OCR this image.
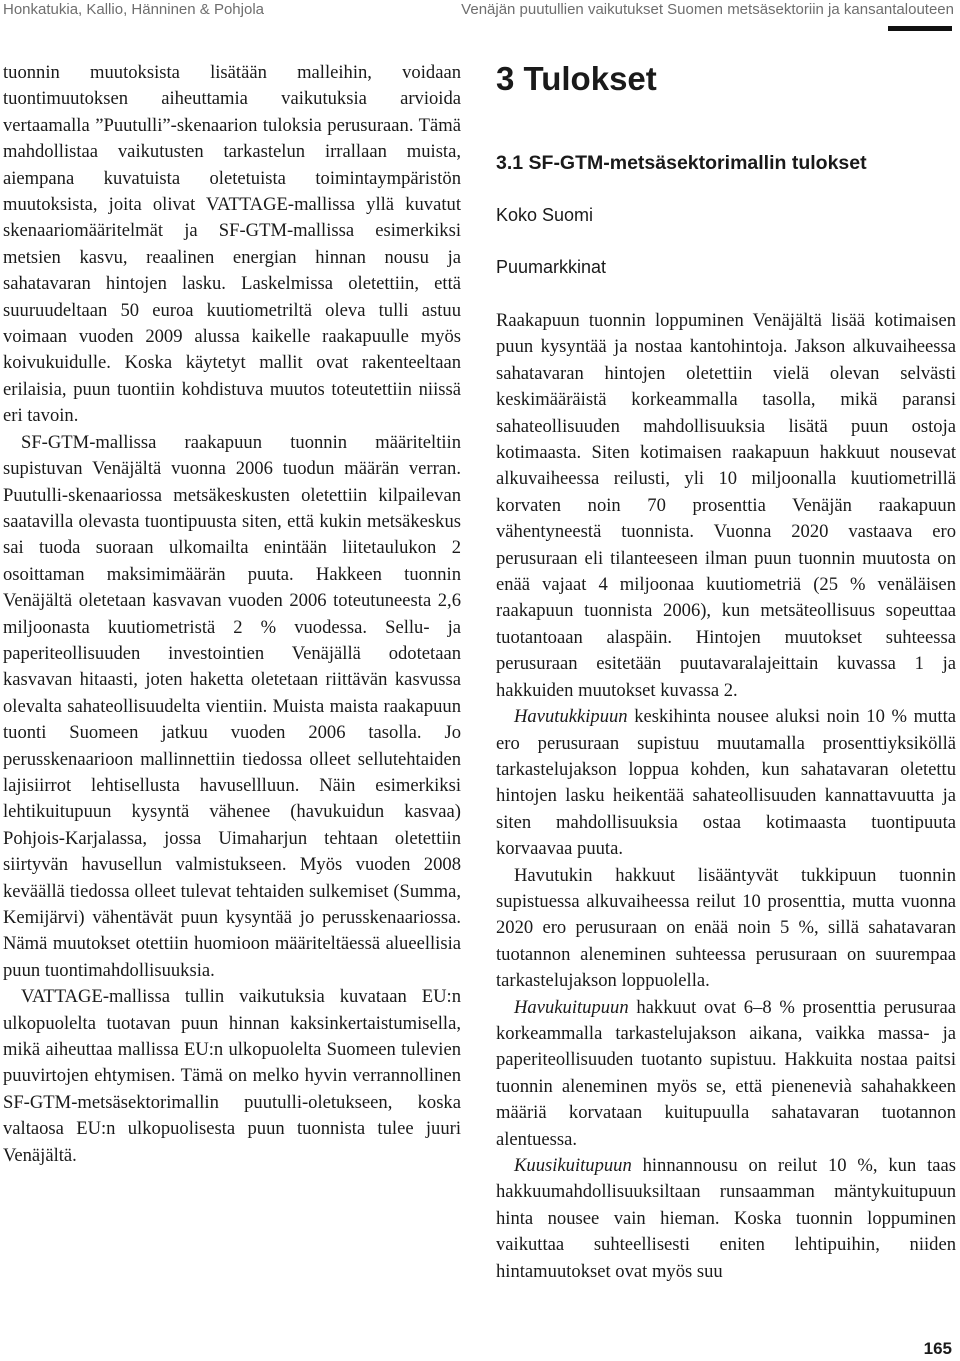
Honkatukia, Kallio, Hänninen & Pohjola	Venäjän puutullien vaikutukset Suomen metsäsektoriin ja kansantalouteen

tuonnin muutoksista lisätään malleihin, voidaan tuontimuutoksen aiheuttamia vaikutuksia arvioida vertaamalla ”Puutulli”-skenaarion tuloksia perusuraan. Tämä mahdollistaa vaikutusten tarkastelun irrallaan muista, aiempana kuvatuista oletetuista toimintaympäristön muutoksista, joita olivat VATTAGE-mallissa yllä kuvatut skenaariomääritelmät ja SF-GTM-mallissa esimerkiksi metsien kasvu, reaalinen energian hinnan nousu ja sahatavaran hintojen lasku. Laskelmissa oletettiin, että suuruudeltaan 50 euroa kuutiometriltä oleva tulli astuu voimaan vuoden 2009 alussa kaikelle raakapuulle myös koivukuidulle. Koska käytetyt mallit ovat rakenteeltaan erilaisia, puun tuontiin kohdistuva muutos toteutettiin niissä eri tavoin.

SF-GTM-mallissa raakapuun tuonnin määriteltiin supistuvan Venäjältä vuonna 2006 tuodun määrän verran. Puutulli-skenaariossa metsäkeskusten oletettiin kilpailevan saatavilla olevasta tuontipuusta siten, että kukin metsäkeskus sai tuoda suoraan ulkomailta enintään liitetaulukon 2 osoittaman maksimimäärän puuta. Hakkeen tuonnin Venäjältä oletetaan kasvavan vuoden 2006 toteutuneesta 2,6 miljoonasta kuutiometristä 2 % vuodessa. Sellu- ja paperiteollisuuden investointien Venäjällä odotetaan kasvavan hitaasti, joten haketta oletetaan riittävän kasvussa olevalta sahateollisuudelta vientiin. Muista maista raakapuun tuonti Suomeen jatkuu vuoden 2006 tasolla. Jo perusskenaarioon mallinnettiin tiedossa olleet sellutehtaiden lajisiirrot lehtisellusta havusellluun. Näin esimerkiksi lehtikuitupuun kysyntä vähenee (havukuidun kasvaa) Pohjois-Karjalassa, jossa Uimaharjun tehtaan oletettiin siirtyvän havusellun valmistukseen. Myös vuoden 2008 keväällä tiedossa olleet tulevat tehtaiden sulkemiset (Summa, Kemijärvi) vähentävät puun kysyntää jo perusskenaariossa. Nämä muutokset otettiin huomioon määriteltäessä alueellisia puun tuontimahdollisuuksia.

VATTAGE-mallissa tullin vaikutuksia kuvataan EU:n ulkopuolelta tuotavan puun hinnan kaksinkertaistumisella, mikä aiheuttaa mallissa EU:n ulkopuolelta Suomeen tulevien puuvirtojen ehtymisen. Tämä on melko hyvin verrannollinen SF-GTM-metsäsektorimallin puutulli-oletukseen, koska valtaosa EU:n ulkopuolisesta puun tuonnista tulee juuri Venäjältä.

3 Tulokset
3.1 SF-GTM-metsäsektorimallin tulokset
Koko Suomi
Puumarkkinat

Raakapuun tuonnin loppuminen Venäjältä lisää kotimaisen puun kysyntää ja nostaa kantohintoja. Jakson alkuvaiheessa sahatavaran hintojen oletettiin vielä olevan selvästi keskimääräistä korkeammalla tasolla, mikä paransi sahateollisuuden mahdollisuuksia lisätä puun ostoja kotimaasta. Siten kotimaisen raakapuun hakkuut nousevat alkuvaiheessa reilusti, yli 10 miljoonalla kuutiometrillä korvaten noin 70 prosenttia Venäjän raakapuun vähentyneestä tuonnista. Vuonna 2020 vastaava ero perusuraan eli tilanteeseen ilman puun tuonnin muutosta on enää vajaat 4 miljoonaa kuutiometriä (25 % venäläisen raakapuun tuonnista 2006), kun metsäteollisuus sopeuttaa tuotantoaan alaspäin. Hintojen muutokset suhteessa perusuraan esitetään puutavaralajeittain kuvassa 1 ja hakkuiden muutokset kuvassa 2.

Havutukkipuun keskihinta nousee aluksi noin 10 % mutta ero perusuraan supistuu muutamalla prosenttiyksiköllä tarkastelujakson loppua kohden, kun sahatavaran oletettu hintojen lasku heikentää sahateollisuuden kannattavuutta ja siten mahdollisuuksia ostaa kotimaasta tuontipuuta korvaavaa puuta.

Havutukin hakkuut lisääntyvät tukkipuun tuonnin supistuessa alkuvaiheessa reilut 10 prosenttia, mutta vuonna 2020 ero perusuraan on enää noin 5 %, sillä sahatavaran tuotannon aleneminen suhteessa perusuraan on suurempaa tarkastelujakson loppuolella.

Havukuitupuun hakkuut ovat 6–8 % prosenttia perusuraa korkeammalla tarkastelujakson aikana, vaikka massa- ja paperiteollisuuden tuotanto supistuu. Hakkuita nostaa paitsi tuonnin aleneminen myös se, että pienenevià sahahakkeen määriä korvataan kuitupuulla sahatavaran tuotannon alentuessa.

Kuusikuitupuun hinnannousu on reilut 10 %, kun taas hakkuumahdollisuuksiltaan runsaamman mäntykuitupuun hinta nousee vain hieman. Koska tuonnin loppuminen vaikuttaa suhteellisesti eniten lehtipuihin, niiden hintamuutokset ovat myös suu

165
